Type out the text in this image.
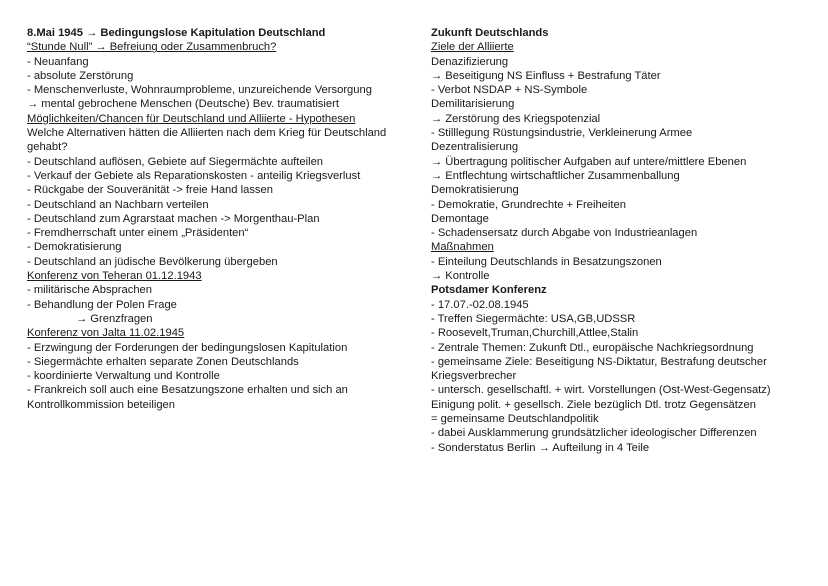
8.Mai 1945 → Bedingungslose Kapitulation Deutschland
“Stunde Null” → Befreiung oder Zusammenbruch?
- Neuanfang
- absolute Zerstörung
- Menschenverluste, Wohnraumprobleme, unzureichende Versorgung
→ mental gebrochene Menschen (Deutsche) Bev. traumatisiert
Möglichkeiten/Chancen für Deutschland und Alliierte - Hypothesen
Welche Alternativen hätten die Alliierten nach dem Krieg für Deutschland gehabt?
- Deutschland auflösen, Gebiete auf Siegermächte aufteilen
- Verkauf der Gebiete als Reparationskosten - anteilig Kriegsverlust
- Rückgabe der Souveränität -> freie Hand lassen
- Deutschland an Nachbarn verteilen
- Deutschland zum Agrarstaat machen -> Morgenthau-Plan
- Fremdherrschaft unter einem „Präsidenten“
- Demokratisierung
- Deutschland an jüdische Bevölkerung übergeben
Konferenz von Teheran 01.12.1943
- militärische Absprachen
- Behandlung der Polen Frage
→ Grenzfragen
Konferenz von Jalta 11.02.1945
- Erzwingung der Forderungen der bedingungslosen Kapitulation
- Siegermächte erhalten separate Zonen Deutschlands
- koordinierte Verwaltung und Kontrolle
- Frankreich soll auch eine Besatzungszone erhalten und sich an Kontrollkommission beteiligen
Zukunft Deutschlands
Ziele der Alliierte
Denazifizierung
→ Beseitigung NS Einfluss + Bestrafung Täter
- Verbot NSDAP + NS-Symbole
Demilitarisierung
→ Zerstörung des Kriegspotenzial
- Stilllegung Rüstungsindustrie, Verkleinerung Armee
Dezentralisierung
→ Übertragung politischer Aufgaben auf untere/mittlere Ebenen
→ Entflechtung wirtschaftlicher Zusammenballung
Demokratisierung
- Demokratie, Grundrechte + Freiheiten
Demontage
- Schadensersatz durch Abgabe von Industrieanlagen
Maßnahmen
- Einteilung Deutschlands in Besatzungszonen
→ Kontrolle
Potsdamer Konferenz
- 17.07.-02.08.1945
- Treffen Siegermächte: USA,GB,UDSSR
- Roosevelt,Truman,Churchill,Attlee,Stalin
- Zentrale Themen: Zukunft Dtl., europäische Nachkriegsordnung
- gemeinsame Ziele: Beseitigung NS-Diktatur, Bestrafung deutscher Kriegsverbrecher
- untersch. gesellschaftl. + wirt. Vorstellungen (Ost-West-Gegensatz)
Einigung polit. + gesellsch. Ziele bezüglich Dtl. trotz Gegensätzen
= gemeinsame Deutschlandpolitik
- dabei Ausklammerung grundsätzlicher ideologischer Differenzen
- Sonderstatus Berlin → Aufteilung in 4 Teile
